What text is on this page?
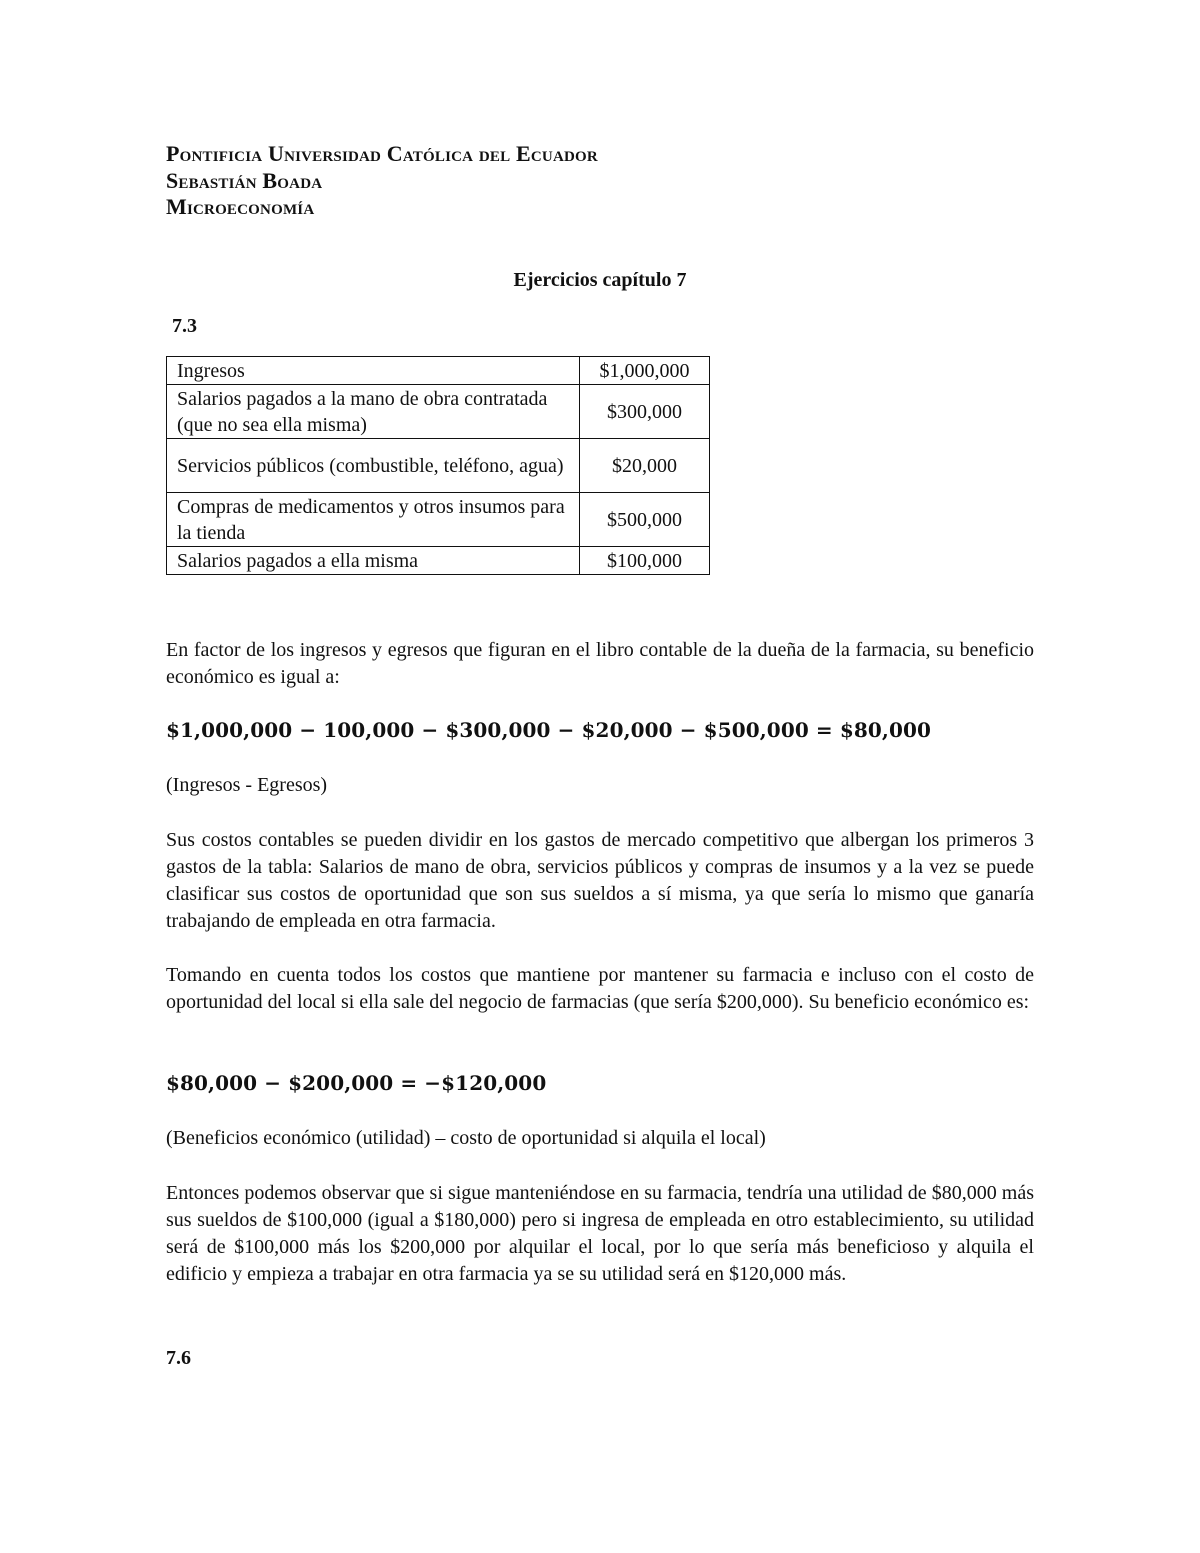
Pontificia Universidad Católica del Ecuador
Sebastián Boada
Microeconomía
Ejercicios capítulo 7
7.3
Ingresos	$1,000,000
Salarios pagados a la mano de obra contratada (que no sea ella misma)	$300,000
Servicios públicos (combustible, teléfono, agua)	$20,000
Compras de medicamentos y otros insumos para la tienda	$500,000
Salarios pagados a ella misma	$100,000

En factor de los ingresos y egresos que figuran en el libro contable de la dueña de la farmacia, su beneficio económico es igual a:

$1,000,000 − 100,000 − $300,000 − $20,000 − $500,000 = $80,000

(Ingresos - Egresos)

Sus costos contables se pueden dividir en los gastos de mercado competitivo que albergan los primeros 3 gastos de la tabla: Salarios de mano de obra, servicios públicos y compras de insumos y a la vez se puede clasificar sus costos de oportunidad que son sus sueldos a sí misma, ya que sería lo mismo que ganaría trabajando de empleada en otra farmacia.

Tomando en cuenta todos los costos que mantiene por mantener su farmacia e incluso con el costo de oportunidad del local si ella sale del negocio de farmacias (que sería $200,000). Su beneficio económico es:

$80,000 − $200,000 = −$120,000

(Beneficios económico (utilidad) – costo de oportunidad si alquila el local)

Entonces podemos observar que si sigue manteniéndose en su farmacia, tendría una utilidad de $80,000 más sus sueldos de $100,000 (igual a $180,000) pero si ingresa de empleada en otro establecimiento, su utilidad será de $100,000 más los $200,000 por alquilar el local, por lo que sería más beneficioso y alquila el edificio y empieza a trabajar en otra farmacia ya se su utilidad será en $120,000 más.

7.6
